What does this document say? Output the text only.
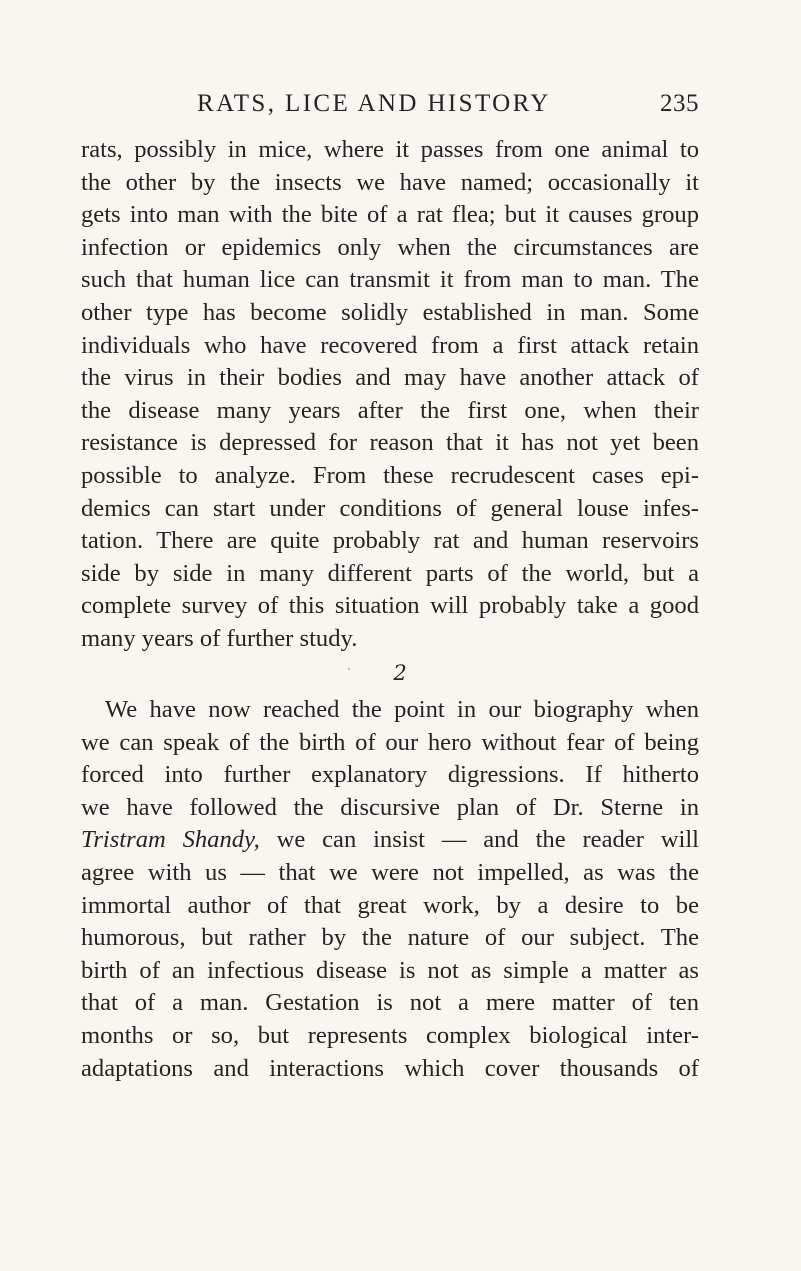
RATS, LICE AND HISTORY	235
rats, possibly in mice, where it passes from one animal to
the other by the insects we have named; occasionally it
gets into man with the bite of a rat flea; but it causes group
infection or epidemics only when the circumstances are
such that human lice can transmit it from man to man. The
other type has become solidly established in man. Some
individuals who have recovered from a first attack retain
the virus in their bodies and may have another attack of
the disease many years after the first one, when their
resistance is depressed for reason that it has not yet been
possible to analyze. From these recrudescent cases epi-
demics can start under conditions of general louse infes-
tation. There are quite probably rat and human reservoirs
side by side in many different parts of the world, but a
complete survey of this situation will probably take a good
many years of further study.
2
We have now reached the point in our biography when
we can speak of the birth of our hero without fear of being
forced into further explanatory digressions. If hitherto
we have followed the discursive plan of Dr. Sterne in
Tristram Shandy, we can insist — and the reader will
agree with us — that we were not impelled, as was the
immortal author of that great work, by a desire to be
humorous, but rather by the nature of our subject. The
birth of an infectious disease is not as simple a matter as
that of a man. Gestation is not a mere matter of ten
months or so, but represents complex biological inter-
adaptations and interactions which cover thousands of
